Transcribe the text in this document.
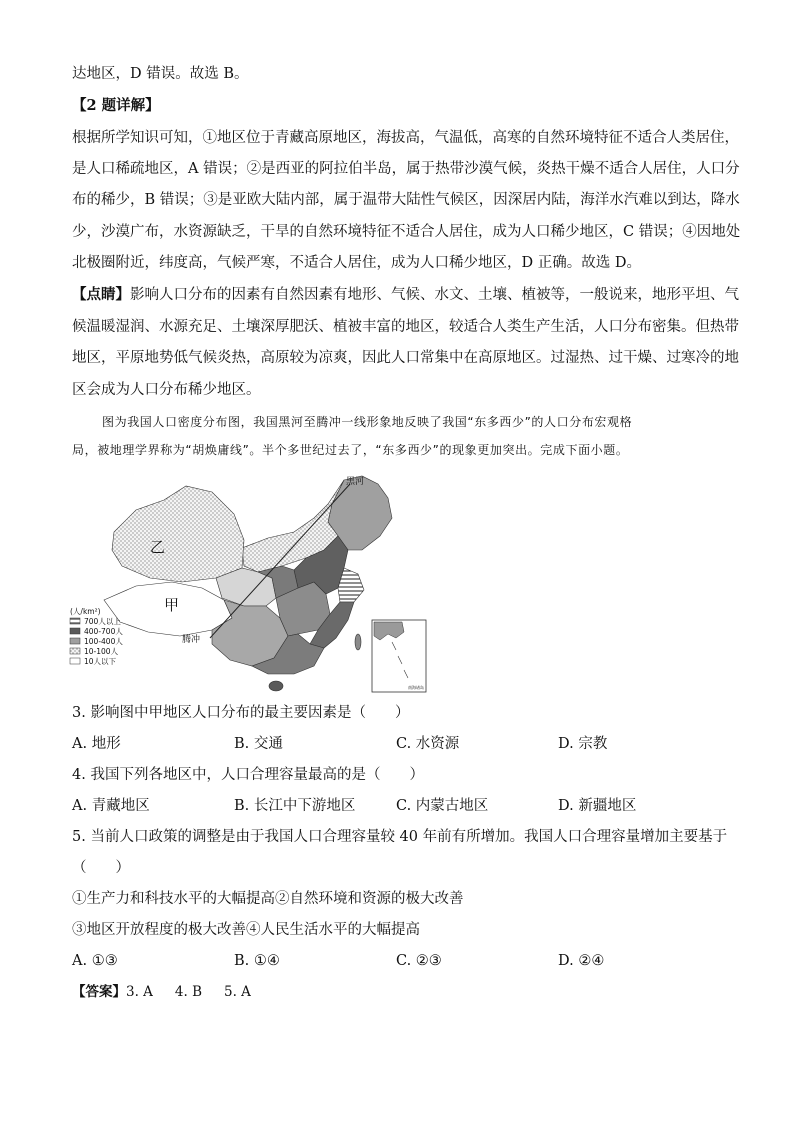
达地区，D 错误。故选 B。
【2 题详解】
根据所学知识可知，①地区位于青藏高原地区，海拔高，气温低，高寒的自然环境特征不适合人类居住，
是人口稀疏地区，A 错误；②是西亚的阿拉伯半岛，属于热带沙漠气候，炎热干燥不适合人居住，人口分
布的稀少，B 错误；③是亚欧大陆内部，属于温带大陆性气候区，因深居内陆，海洋水汽难以到达，降水
少，沙漠广布，水资源缺乏，干旱的自然环境特征不适合人居住，成为人口稀少地区，C 错误；④因地处
北极圈附近，纬度高，气候严寒，不适合人居住，成为人口稀少地区，D 正确。故选 D。
【点睛】影响人口分布的因素有自然因素有地形、气候、水文、土壤、植被等，一般说来，地形平坦、气
候温暖湿润、水源充足、土壤深厚肥沃、植被丰富的地区，较适合人类生产生活，人口分布密集。但热带
地区，平原地势低气候炎热，高原较为凉爽，因此人口常集中在高原地区。过湿热、过干燥、过寒冷的地
区会成为人口分布稀少地区。
图为我国人口密度分布图，我国黑河至腾冲一线形象地反映了我国“东多西少”的人口分布宏观格
局，被地理学界称为“胡焕庸线”。半个多世纪过去了，“东多西少”的现象更加突出。完成下面小题。
乙
甲
黑河
腾冲
(人/km²)
700人以上
400-700人
100-400人
10-100人
10人以下
南海诸岛
3. 影响图中甲地区人口分布的最主要因素是（　　）
A. 地形	B. 交通	C. 水资源	D. 宗教
4. 我国下列各地区中，人口合理容量最高的是（　　）
A. 青藏地区	B. 长江中下游地区	C. 内蒙古地区	D. 新疆地区
5. 当前人口政策的调整是由于我国人口合理容量较 40 年前有所增加。我国人口合理容量增加主要基于
（　　）
①生产力和科技水平的大幅提高②自然环境和资源的极大改善
③地区开放程度的极大改善④人民生活水平的大幅提高
A. ①③	B. ①④	C. ②③	D. ②④
【答案】3. A 4. B 5. A
